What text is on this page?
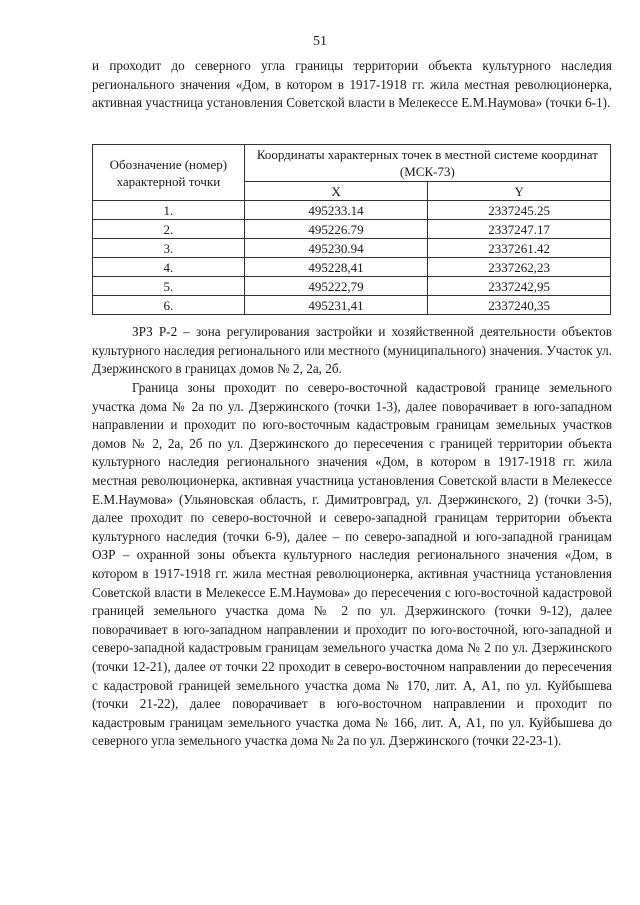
51

и проходит до северного угла границы территории объекта культурного наследия регионального значения «Дом, в котором в 1917-1918 гг. жила местная революционерка, активная участница установления Советской власти в Мелекессе Е.М.Наумова» (точки 6-1).

Обозначение (номер) характерной точки	Координаты характерных точек в местной системе координат (МСК-73)	
	X	Y
1.	495233.14	2337245.25
2.	495226.79	2337247.17
3.	495230.94	2337261.42
4.	495228,41	2337262,23
5.	495222,79	2337242,95
6.	495231,41	2337240,35

ЗРЗ Р-2 – зона регулирования застройки и хозяйственной деятельности объектов культурного наследия регионального или местного (муниципального) значения. Участок ул. Дзержинского в границах домов № 2, 2а, 2б.

Граница зоны проходит по северо-восточной кадастровой границе земельного участка дома № 2а по ул. Дзержинского (точки 1-3), далее поворачивает в юго-западном направлении и проходит по юго-восточным кадастровым границам земельных участков домов № 2, 2а, 2б по ул. Дзержинского до пересечения с границей территории объекта культурного наследия регионального значения «Дом, в котором в 1917-1918 гг. жила местная революционерка, активная участница установления Советской власти в Мелекессе Е.М.Наумова» (Ульяновская область, г. Димитровград, ул. Дзержинского, 2) (точки 3-5), далее проходит по северо-восточной и северо-западной границам территории объекта культурного наследия (точки 6-9), далее – по северо-западной и юго-западной границам ОЗР – охранной зоны объекта культурного наследия регионального значения «Дом, в котором в 1917-1918 гг. жила местная революционерка, активная участница установления Советской власти в Мелекессе Е.М.Наумова» до пересечения с юго-восточной кадастровой границей земельного участка дома № 2 по ул. Дзержинского (точки 9-12), далее поворачивает в юго-западном направлении и проходит по юго-восточной, юго-западной и северо-западной кадастровым границам земельного участка дома № 2 по ул. Дзержинского (точки 12-21), далее от точки 22 проходит в северо-восточном направлении до пересечения с кадастровой границей земельного участка дома № 170, лит. А, А1, по ул. Куйбышева (точки 21-22), далее поворачивает в юго-восточном направлении и проходит по кадастровым границам земельного участка дома № 166, лит. А, А1, по ул. Куйбышева до северного угла земельного участка дома № 2а по ул. Дзержинского (точки 22-23-1).
